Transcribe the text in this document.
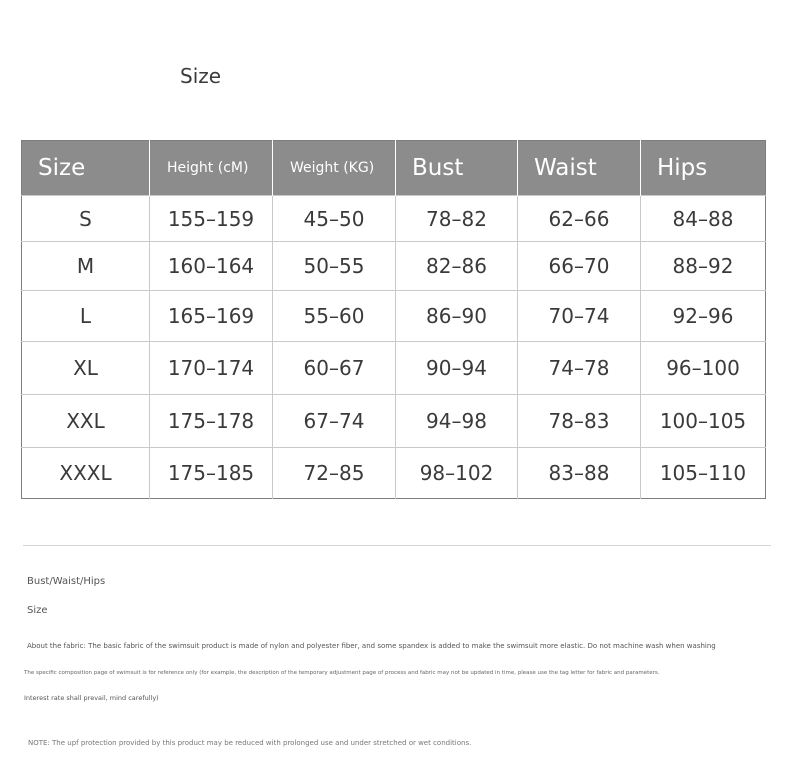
Size
Size	Height (cM)	Weight (KG)	Bust	Waist	Hips

S	155–159	45–50	78–82	62–66	84–88
M	160–164	50–55	82–86	66–70	88–92
L	165–169	55–60	86–90	70–74	92–96
XL	170–174	60–67	90–94	74–78	96–100
XXL	175–178	67–74	94–98	78–83	100–105
XXXL	175–185	72–85	98–102	83–88	105–110
Bust/Waist/Hips
Size
About the fabric: The basic fabric of the swimsuit product is made of nylon and polyester fiber, and some spandex is added to make the swimsuit more elastic. Do not machine wash when washing
The specific composition page of swimsuit is for reference only (for example, the description of the temporary adjustment page of process and fabric may not be updated in time, please use the tag letter for fabric and parameters.
Interest rate shall prevail, mind carefully)
NOTE: The upf protection provided by this product may be reduced with prolonged use and under stretched or wet conditions.
